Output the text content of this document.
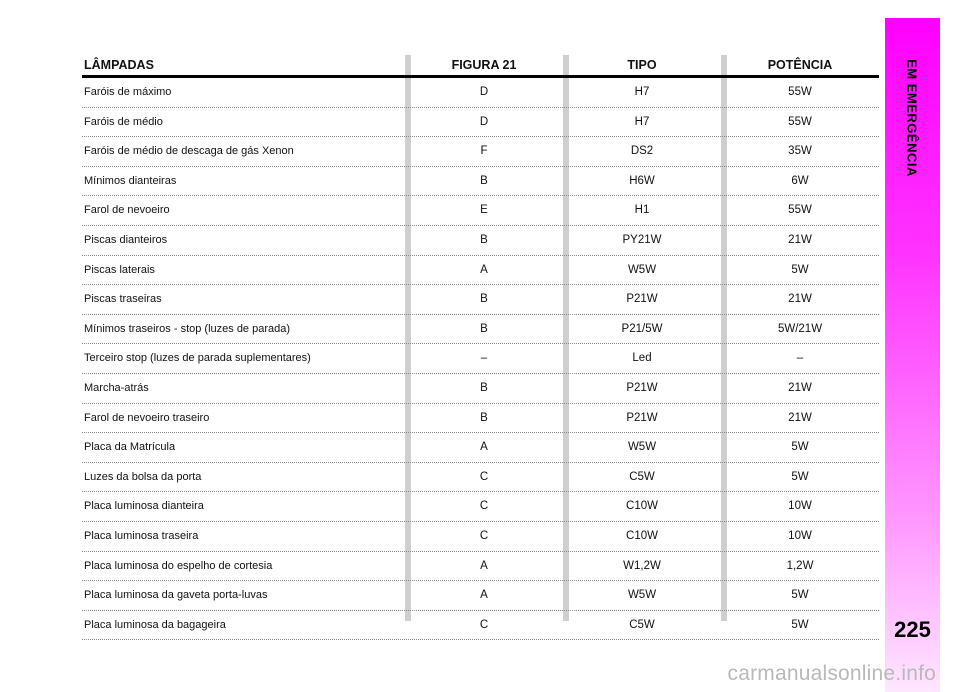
EM EMERGÊNCIA
225
LÂMPADAS	FIGURA 21	TIPO	POTÊNCIA
Faróis de máximo	D	H7	55W
Faróis de médio	D	H7	55W
Faróis de médio de descaga de gás Xenon	F	DS2	35W
Mínimos dianteiras	B	H6W	6W
Farol de nevoeiro	E	H1	55W
Piscas dianteiros	B	PY21W	21W
Piscas laterais	A	W5W	5W
Piscas traseiras	B	P21W	21W
Mínimos traseiros - stop (luzes de parada)	B	P21/5W	5W/21W
Terceiro stop (luzes de parada suplementares)	–	Led	–
Marcha-atrás	B	P21W	21W
Farol de nevoeiro traseiro	B	P21W	21W
Placa da Matrícula	A	W5W	5W
Luzes da bolsa da porta	C	C5W	5W
Placa luminosa dianteira	C	C10W	10W
Placa luminosa traseira	C	C10W	10W
Placa luminosa do espelho de cortesia	A	W1,2W	1,2W
Placa luminosa da gaveta porta-luvas	A	W5W	5W
Placa luminosa da bagageira	C	C5W	5W
carmanualsonline.info
